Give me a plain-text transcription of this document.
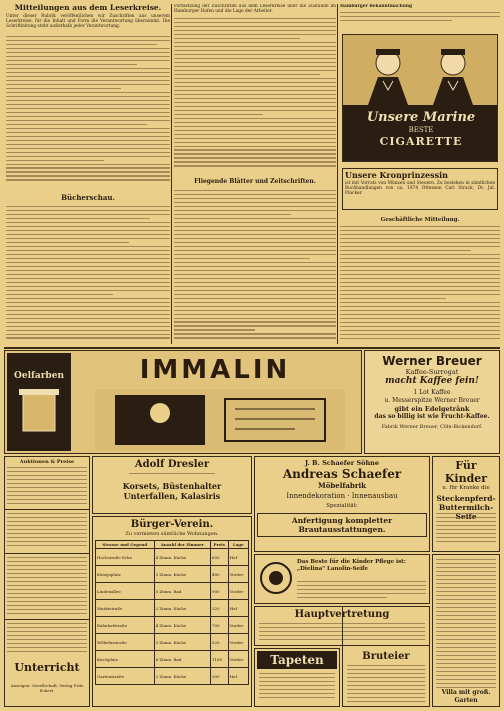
Mitteilungen aus dem Leserkreise.
Unter dieser Rubrik veröffentlichen wir Zuschriften aus unserem Leserkreise, für die Inhalt und Form die Verantwortung übernimmt. Die Schriftleitung steht außerhalb jeder Verantwortung.
Bücherschau.
Fortsetzung der Zuschriften aus dem Leserkreise über die Zustände im Hamburger Hafen und die Lage der Arbeiter.
Fliegende Blätter und Zeitschriften.
Hamburger Bekanntmachung
Unsere Marine
BESTE
CIGARETTE
Unsere Kronprinzessin
ist mit Vorrats von Münzen und Steuern. Zu beziehen in sämtlichen Buchhandlungen von ca. 1874 Ottensen Carl Strack, Dr. Jul. Pincker.
Geschäftliche Mitteilung.
Oelfarben	IMMALIN	Werner Breuer
Kaffee-Surrogat
macht Kaffee fein!
1 Lot Kaffee
u. Messerspitze Werner Breuer
gibt ein Edelgetränk
das so billig ist wie Frucht-Kaffee.
Fabrik Werner Breuer, Cöln-Bickendorf.
Auktionen & Preise
Unterricht
Anzeigen: Gesellschaft, Verlag Fritz Eckert.
Adolf Dresler
Korsets, Büstenhalter
Unterfallen, Kalasiris
Bürger-Verein.
Zu vermieten sämtliche Wohnungen.
Strasse und Gegend	Anzahl der Zimmer	Preis	Lage
Hochstraße Ecke	4 Zimm. Küche	650	Hof
Königsplatz	3 Zimm. Küche	480	Vorder
Lindenallee	5 Zimm. Bad	900	Vorder
Marktstraße	2 Zimm. Küche	320	Hof
Bahnhofstraße	4 Zimm. Küche	700	Vorder
Wilhelmstraße	3 Zimm. Küche	520	Vorder
Kirchplatz	6 Zimm. Bad	1100	Vorder
Gartenstraße	2 Zimm. Küche	300	Hof
J. B. Schaefer Söhne
Andreas Schaefer
Möbelfabrik
Innendekoration · Innenausbau
Spezialität:
Anfertigung kompletter Brautausstattungen.
Das Beste für die Kinder Pflege ist: „Dielina" Lanolin-Seife
Hauptvertretung
Tapeten	Bruteier
Für Kinder
u. für Kranke die
Steckenpferd-Buttermilch-
Villa mit groß. Garten
